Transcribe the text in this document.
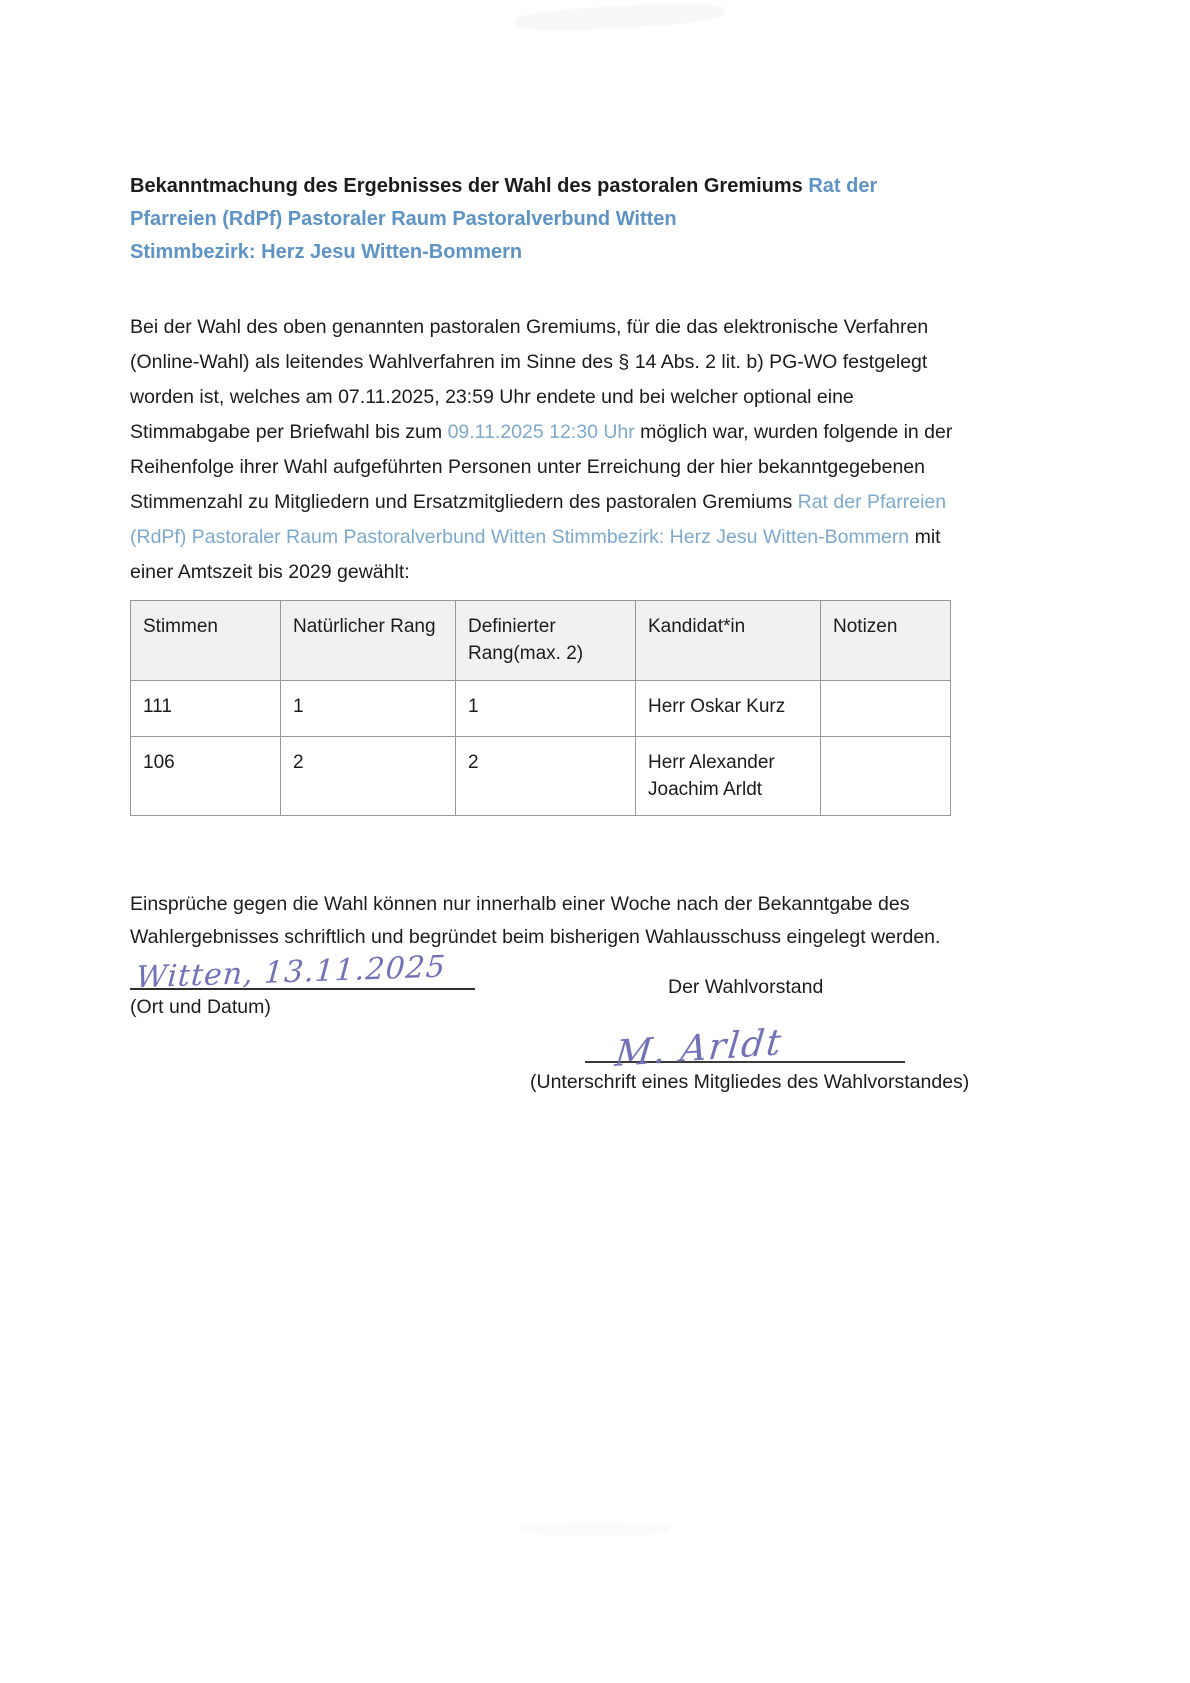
Bekanntmachung des Ergebnisses der Wahl des pastoralen Gremiums Rat der Pfarreien (RdPf) Pastoraler Raum Pastoralverbund Witten
Stimmbezirk: Herz Jesu Witten-Bommern
Bei der Wahl des oben genannten pastoralen Gremiums, für die das elektronische Verfahren (Online-Wahl) als leitendes Wahlverfahren im Sinne des § 14 Abs. 2 lit. b) PG-WO festgelegt worden ist, welches am 07.11.2025, 23:59 Uhr endete und bei welcher optional eine Stimmabgabe per Briefwahl bis zum 09.11.2025 12:30 Uhr möglich war, wurden folgende in der Reihenfolge ihrer Wahl aufgeführten Personen unter Erreichung der hier bekanntgegebenen Stimmenzahl zu Mitgliedern und Ersatzmitgliedern des pastoralen Gremiums Rat der Pfarreien (RdPf) Pastoraler Raum Pastoralverbund Witten Stimmbezirk: Herz Jesu Witten-Bommern mit einer Amtszeit bis 2029 gewählt:
Stimmen	Natürlicher Rang	Definierter Rang(max. 2)	Kandidat*in	Notizen
111	1	1	Herr Oskar Kurz	
106	2	2	Herr Alexander Joachim Arldt	
Einsprüche gegen die Wahl können nur innerhalb einer Woche nach der Bekanntgabe des Wahlergebnisses schriftlich und begründet beim bisherigen Wahlausschuss eingelegt werden.
Witten, 13.11.2025
(Ort und Datum)
Der Wahlvorstand
M. Arldt
(Unterschrift eines Mitgliedes des Wahlvorstandes)
